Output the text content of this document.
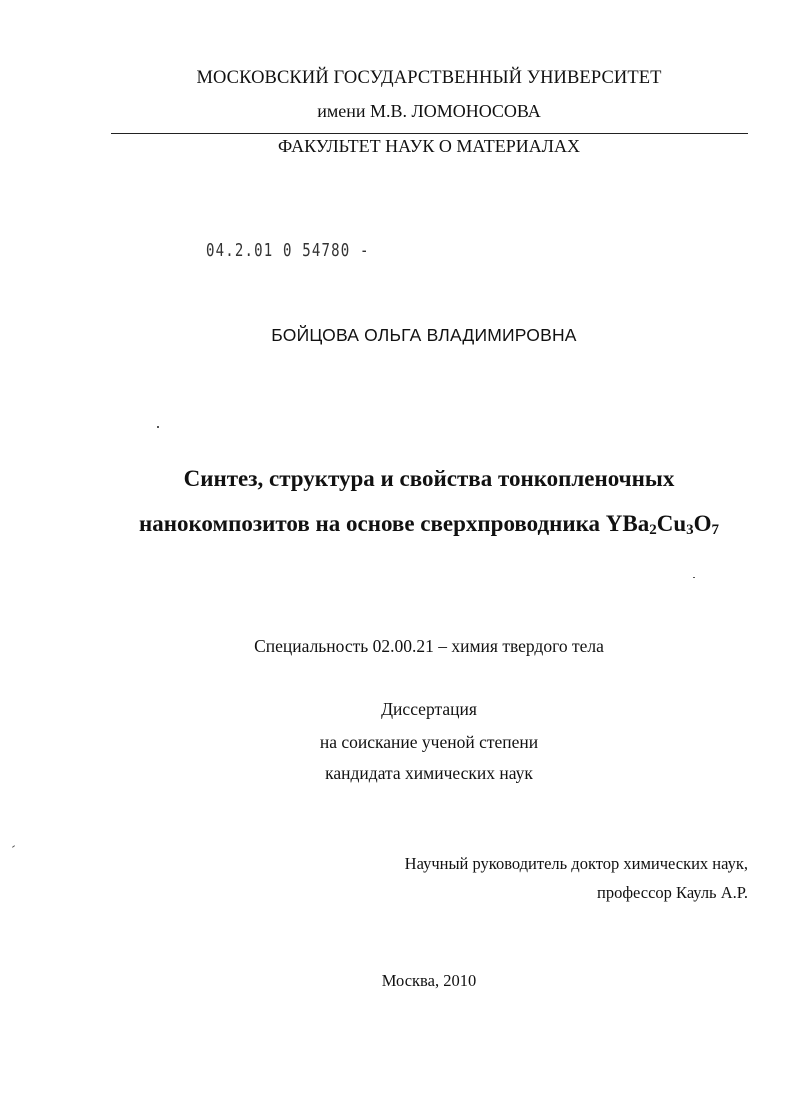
МОСКОВСКИЙ ГОСУДАРСТВЕННЫЙ УНИВЕРСИТЕТ
имени М.В. ЛОМОНОСОВА
ФАКУЛЬТЕТ НАУК О МАТЕРИАЛАХ
04.2.01 0 54780 -
БОЙЦОВА ОЛЬГА ВЛАДИМИРОВНА
Синтез, структура и свойства тонкопленочных
нанокомпозитов на основе сверхпроводника $YBa_2Cu_3O_7$
Специальность 02.00.21 – химия твердого тела
Диссертация
на соискание ученой степени
кандидата химических наук
Научный руководитель доктор химических наук,
профессор Кауль А.Р.
Москва, 2010
